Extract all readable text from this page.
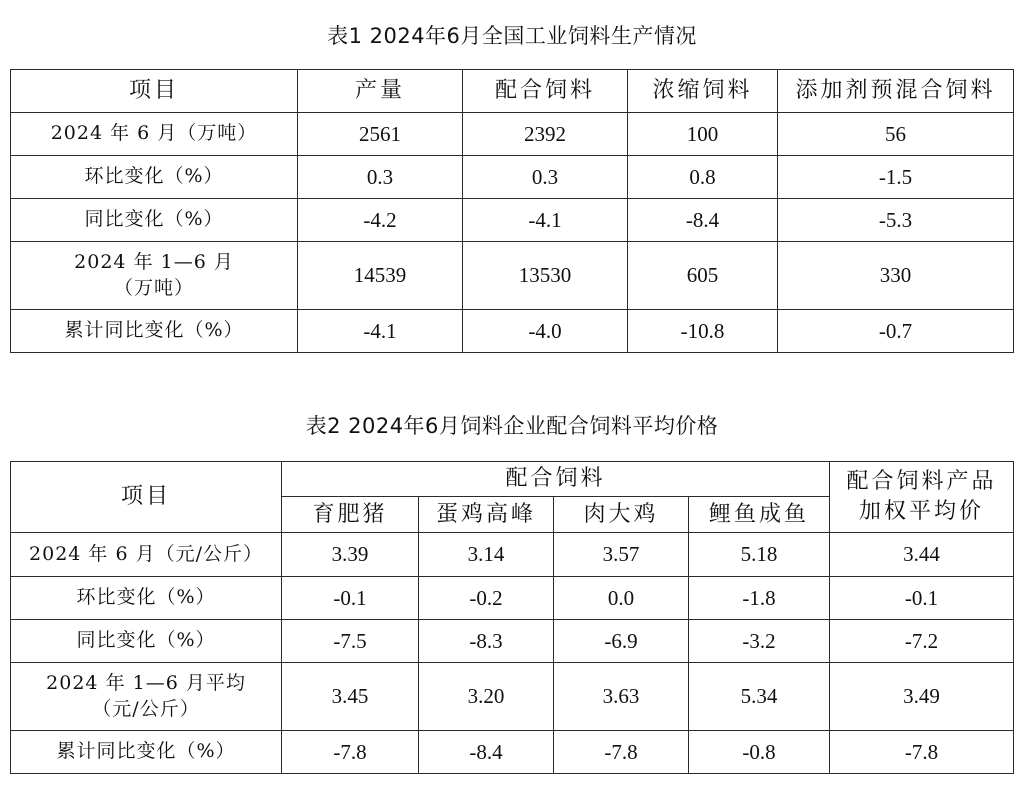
表1 2024年6月全国工业饲料生产情况
项目	产量	配合饲料	浓缩饲料	添加剂预混合饲料
2024 年 6 月（万吨）	2561	2392	100	56
环比变化（%）	0.3	0.3	0.8	-1.5
同比变化（%）	-4.2	-4.1	-8.4	-5.3

2024 年 1—6 月
（万吨）	14539	13530	605	330
累计同比变化（%）	-4.1	-4.0	-10.8	-0.7
表2 2024年6月饲料企业配合饲料平均价格
项目	配合饲料				配合饲料产品
加权平均价

	育肥猪	蛋鸡高峰	肉大鸡	鲤鱼成鱼	
2024 年 6 月（元/公斤）	3.39	3.14	3.57	5.18	3.44
环比变化（%）	-0.1	-0.2	0.0	-1.8	-0.1
同比变化（%）	-7.5	-8.3	-6.9	-3.2	-7.2

2024 年 1—6 月平均
（元/公斤）	3.45	3.20	3.63	5.34	3.49
累计同比变化（%）	-7.8	-8.4	-7.8	-0.8	-7.8
